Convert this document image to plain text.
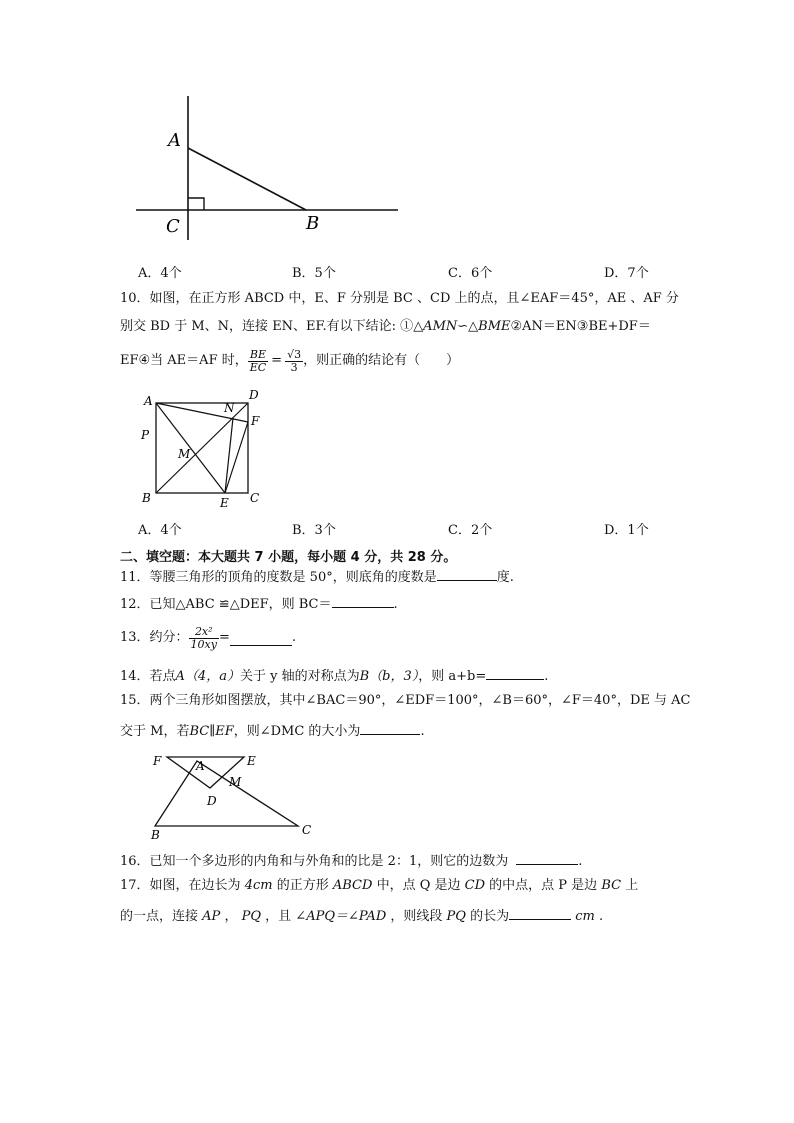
A
C	B
A．4个	B．5个	C．6个	D．7个
10．如图，在正方形 ABCD 中，E、F 分别是 BC 、CD 上的点，且∠EAF＝45°，AE 、AF 分
别交 BD 于 M、N，连接 EN、EF.有以下结论: ①△AMN∽△BME②AN＝EN③BE+DF＝
EF④当 AE＝AF 时， $\frac{BE}{EC} = \frac{√3}{3}$ ，则正确的结论有（　　）
A	D
N
F
P
M
B	E C
A．4个	B．3个	C．2个	D．1个
二、填空题：本大题共 7 小题，每小题 4 分，共 28 分。
11．等腰三角形的顶角的度数是 50°，则底角的度数是	度.
12．已知△ABC ≌△DEF，则 BC＝	.
13．约分： $\frac{\text{2x²}}{10xy}$ =	.
14．若点A（4，a）关于 y 轴的对称点为B（b，3），则 a+b=	.
15．两个三角形如图摆放，其中∠BAC＝90°，∠EDF＝100°，∠B＝60°，∠F＝40°，DE 与 AC
交于 M，若BC∥EF，则∠DMC 的大小为	.
F	A	E
M
D
B	C
16．已知一个多边形的内角和与外角和的比是 2：1，则它的边数为	.
17．如图，在边长为 4cm 的正方形 ABCD 中，点 Q 是边 CD 的中点，点 P 是边 BC 上
的一点，连接 AP ， PQ ，且 ∠APQ＝∠PAD ，则线段 PQ 的长为	cm .
